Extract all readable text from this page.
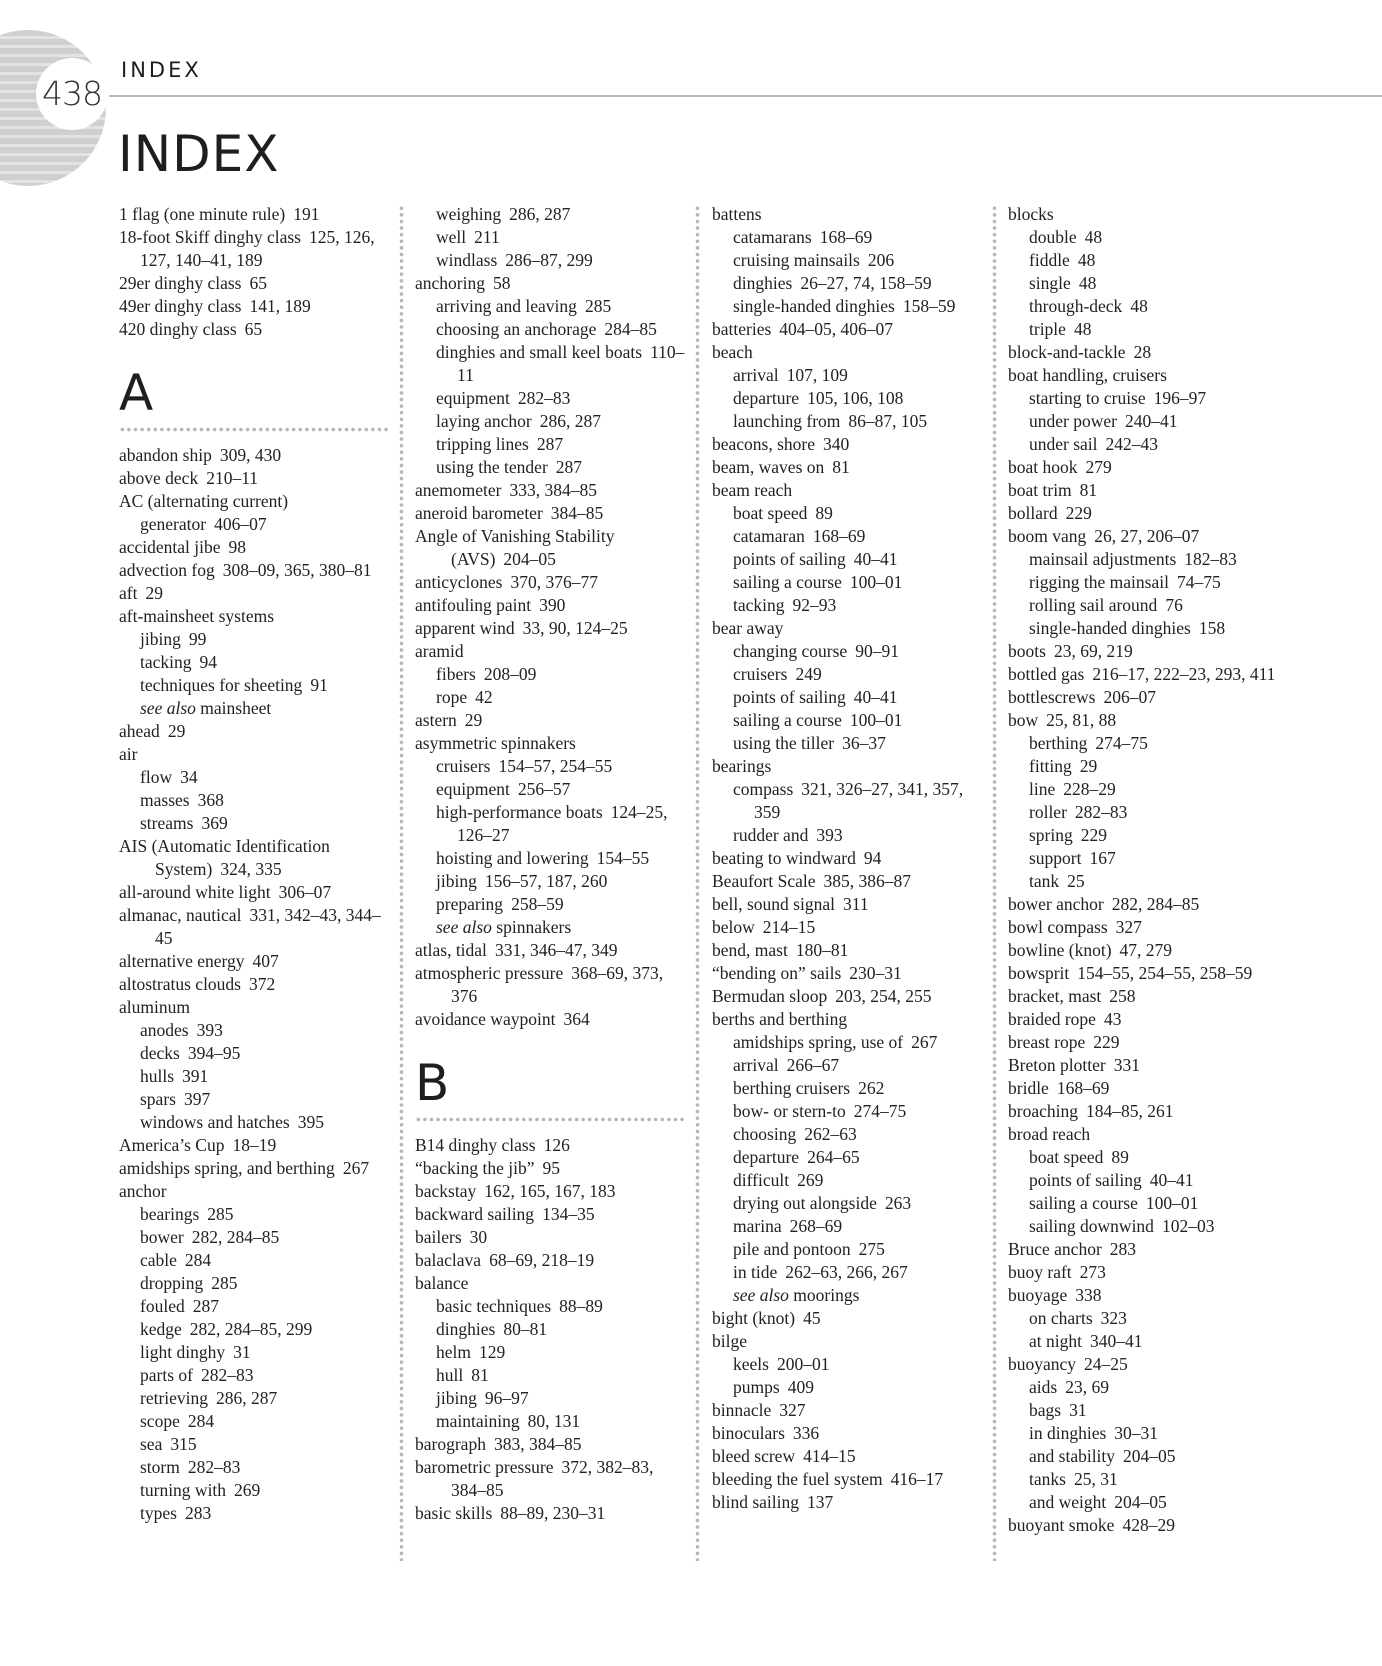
438
INDEX
INDEX
1 flag (one minute rule) 191
18-foot Skiff dinghy class 125, 126, 127, 140–41, 189
29er dinghy class 65
49er dinghy class 141, 189
420 dinghy class 65
A
abandon ship 309, 430
above deck 210–11
AC (alternating current) generator 406–07
accidental jibe 98
advection fog 308–09, 365, 380–81
aft 29
aft-mainsheet systems
jibing 99
tacking 94
techniques for sheeting 91
see also mainsheet
ahead 29
air
flow 34
masses 368
streams 369
AIS (Automatic Identification System) 324, 335
all-around white light 306–07
almanac, nautical 331, 342–43, 344–45
alternative energy 407
altostratus clouds 372
aluminum
anodes 393
decks 394–95
hulls 391
spars 397
windows and hatches 395
America’s Cup 18–19
amidships spring, and berthing 267
anchor
bearings 285
bower 282, 284–85
cable 284
dropping 285
fouled 287
kedge 282, 284–85, 299
light dinghy 31
parts of 282–83
retrieving 286, 287
scope 284
sea 315
storm 282–83
turning with 269
types 283
weighing 286, 287
well 211
windlass 286–87, 299
anchoring 58
arriving and leaving 285
choosing an anchorage 284–85
dinghies and small keel boats 110–11
equipment 282–83
laying anchor 286, 287
tripping lines 287
using the tender 287
anemometer 333, 384–85
aneroid barometer 384–85
Angle of Vanishing Stability (AVS) 204–05
anticyclones 370, 376–77
antifouling paint 390
apparent wind 33, 90, 124–25
aramid
fibers 208–09
rope 42
astern 29
asymmetric spinnakers
cruisers 154–57, 254–55
equipment 256–57
high-performance boats 124–25, 126–27
hoisting and lowering 154–55
jibing 156–57, 187, 260
preparing 258–59
see also spinnakers
atlas, tidal 331, 346–47, 349
atmospheric pressure 368–69, 373, 376
avoidance waypoint 364
B
B14 dinghy class 126
“backing the jib” 95
backstay 162, 165, 167, 183
backward sailing 134–35
bailers 30
balaclava 68–69, 218–19
balance
basic techniques 88–89
dinghies 80–81
helm 129
hull 81
jibing 96–97
maintaining 80, 131
barograph 383, 384–85
barometric pressure 372, 382–83, 384–85
basic skills 88–89, 230–31
battens
catamarans 168–69
cruising mainsails 206
dinghies 26–27, 74, 158–59
single-handed dinghies 158–59
batteries 404–05, 406–07
beach
arrival 107, 109
departure 105, 106, 108
launching from 86–87, 105
beacons, shore 340
beam, waves on 81
beam reach
boat speed 89
catamaran 168–69
points of sailing 40–41
sailing a course 100–01
tacking 92–93
bear away
changing course 90–91
cruisers 249
points of sailing 40–41
sailing a course 100–01
using the tiller 36–37
bearings
compass 321, 326–27, 341, 357, 359
rudder and 393
beating to windward 94
Beaufort Scale 385, 386–87
bell, sound signal 311
below 214–15
bend, mast 180–81
“bending on” sails 230–31
Bermudan sloop 203, 254, 255
berths and berthing
amidships spring, use of 267
arrival 266–67
berthing cruisers 262
bow- or stern-to 274–75
choosing 262–63
departure 264–65
difficult 269
drying out alongside 263
marina 268–69
pile and pontoon 275
in tide 262–63, 266, 267
see also moorings
bight (knot) 45
bilge
keels 200–01
pumps 409
binnacle 327
binoculars 336
bleed screw 414–15
bleeding the fuel system 416–17
blind sailing 137
blocks
double 48
fiddle 48
single 48
through-deck 48
triple 48
block-and-tackle 28
boat handling, cruisers
starting to cruise 196–97
under power 240–41
under sail 242–43
boat hook 279
boat trim 81
bollard 229
boom vang 26, 27, 206–07
mainsail adjustments 182–83
rigging the mainsail 74–75
rolling sail around 76
single-handed dinghies 158
boots 23, 69, 219
bottled gas 216–17, 222–23, 293, 411
bottlescrews 206–07
bow 25, 81, 88
berthing 274–75
fitting 29
line 228–29
roller 282–83
spring 229
support 167
tank 25
bower anchor 282, 284–85
bowl compass 327
bowline (knot) 47, 279
bowsprit 154–55, 254–55, 258–59
bracket, mast 258
braided rope 43
breast rope 229
Breton plotter 331
bridle 168–69
broaching 184–85, 261
broad reach
boat speed 89
points of sailing 40–41
sailing a course 100–01
sailing downwind 102–03
Bruce anchor 283
buoy raft 273
buoyage 338
on charts 323
at night 340–41
buoyancy 24–25
aids 23, 69
bags 31
in dinghies 30–31
and stability 204–05
tanks 25, 31
and weight 204–05
buoyant smoke 428–29
